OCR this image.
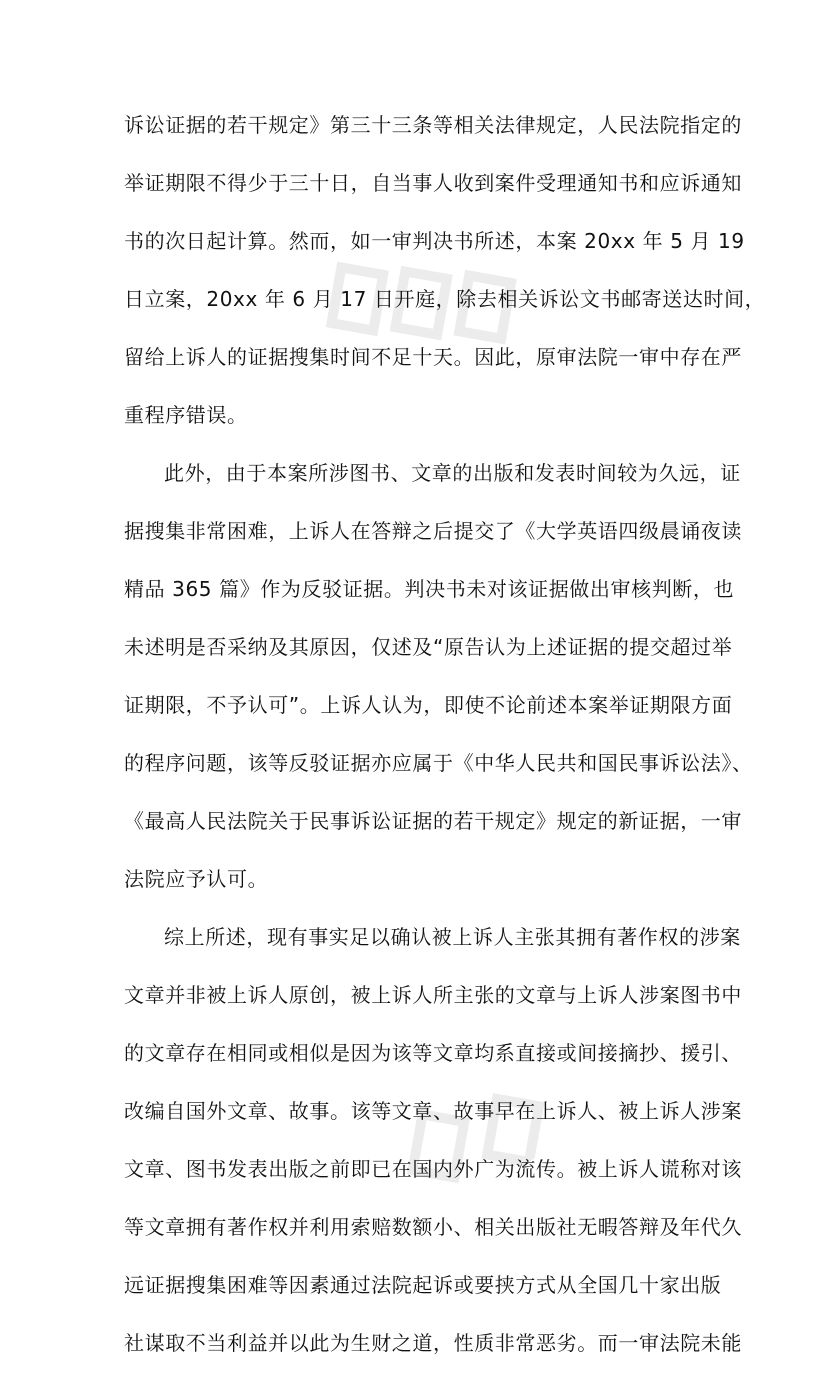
诉讼证据的若干规定》第三十三条等相关法律规定，人民法院指定的
举证期限不得少于三十日，自当事人收到案件受理通知书和应诉通知
书的次日起计算。然而，如一审判决书所述，本案 20xx 年 5 月 19
日立案，20xx 年 6 月 17 日开庭，除去相关诉讼文书邮寄送达时间，
留给上诉人的证据搜集时间不足十天。因此，原审法院一审中存在严
重程序错误。
此外，由于本案所涉图书、文章的出版和发表时间较为久远，证
据搜集非常困难，上诉人在答辩之后提交了《大学英语四级晨诵夜读
精品 365 篇》作为反驳证据。判决书未对该证据做出审核判断，也
未述明是否采纳及其原因，仅述及“原告认为上述证据的提交超过举
证期限，不予认可”。上诉人认为，即使不论前述本案举证期限方面
的程序问题，该等反驳证据亦应属于《中华人民共和国民事诉讼法》、
《最高人民法院关于民事诉讼证据的若干规定》规定的新证据，一审
法院应予认可。
综上所述，现有事实足以确认被上诉人主张其拥有著作权的涉案
文章并非被上诉人原创，被上诉人所主张的文章与上诉人涉案图书中
的文章存在相同或相似是因为该等文章均系直接或间接摘抄、援引、
改编自国外文章、故事。该等文章、故事早在上诉人、被上诉人涉案
文章、图书发表出版之前即已在国内外广为流传。被上诉人谎称对该
等文章拥有著作权并利用索赔数额小、相关出版社无暇答辩及年代久
远证据搜集困难等因素通过法院起诉或要挟方式从全国几十家出版
社谋取不当利益并以此为生财之道，性质非常恶劣。而一审法院未能
